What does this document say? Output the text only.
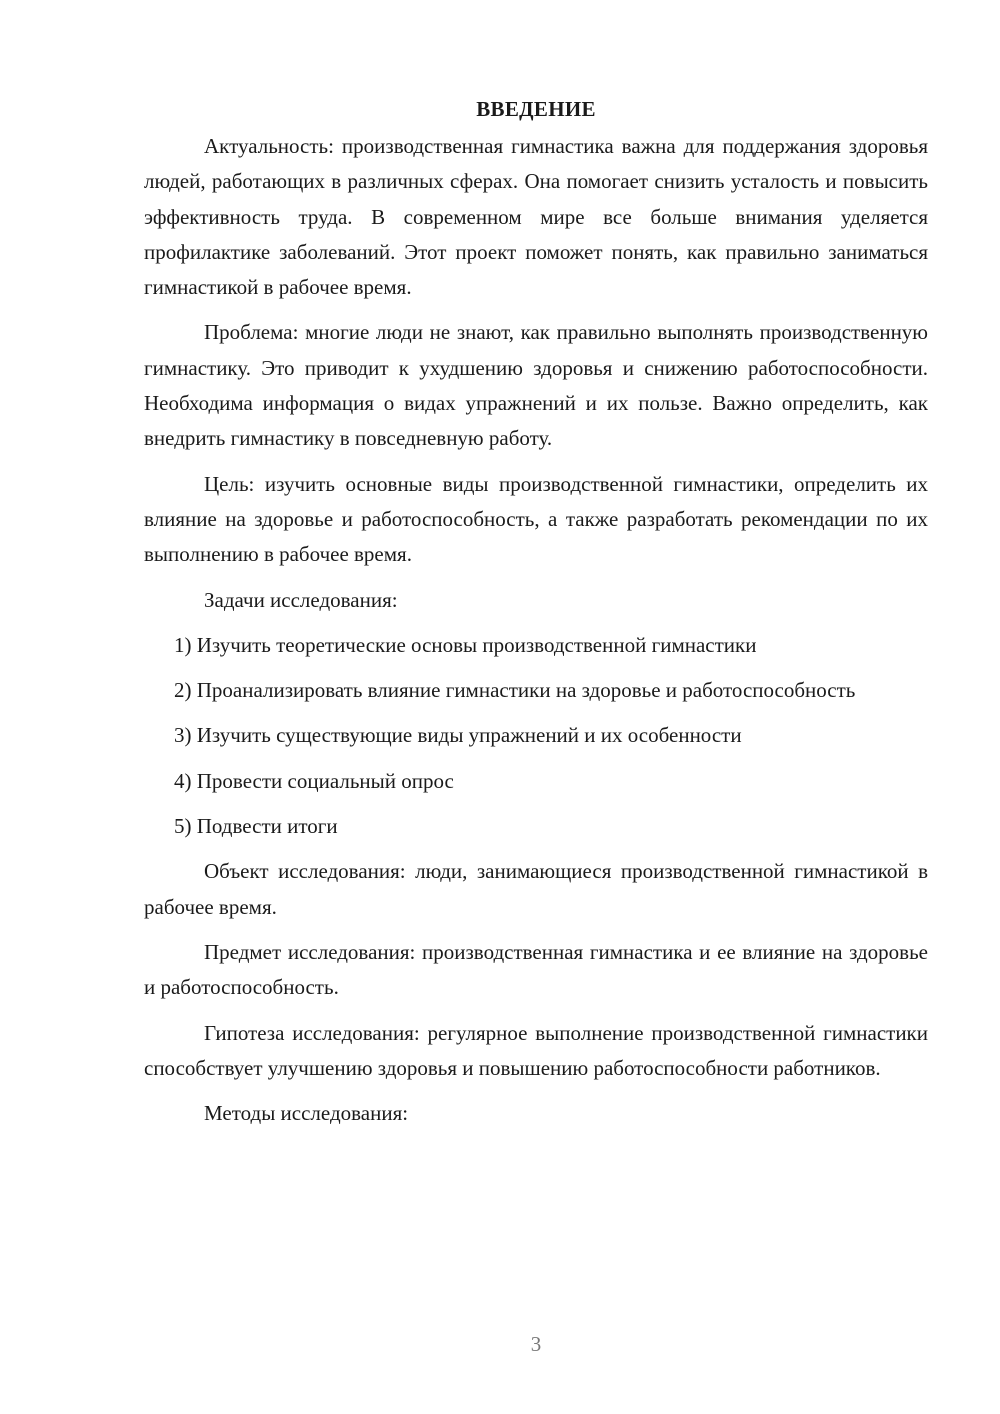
ВВЕДЕНИЕ

Актуальность: производственная гимнастика важна для поддержания здоровья людей, работающих в различных сферах. Она помогает снизить усталость и повысить эффективность труда. В современном мире все больше внимания уделяется профилактике заболеваний. Этот проект поможет понять, как правильно заниматься гимнастикой в рабочее время.

Проблема: многие люди не знают, как правильно выполнять производственную гимнастику. Это приводит к ухудшению здоровья и снижению работоспособности. Необходима информация о видах упражнений и их пользе. Важно определить, как внедрить гимнастику в повседневную работу.

Цель: изучить основные виды производственной гимнастики, определить их влияние на здоровье и работоспособность, а также разработать рекомендации по их выполнению в рабочее время.

Задачи исследования:

1) Изучить теоретические основы производственной гимнастики

2) Проанализировать влияние гимнастики на здоровье и работоспособность

3) Изучить существующие виды упражнений и их особенности

4) Провести социальный опрос

5) Подвести итоги

Объект исследования: люди, занимающиеся производственной гимнастикой в рабочее время.

Предмет исследования: производственная гимнастика и ее влияние на здоровье и работоспособность.

Гипотеза исследования: регулярное выполнение производственной гимнастики способствует улучшению здоровья и повышению работоспособности работников.

Методы исследования:

3
